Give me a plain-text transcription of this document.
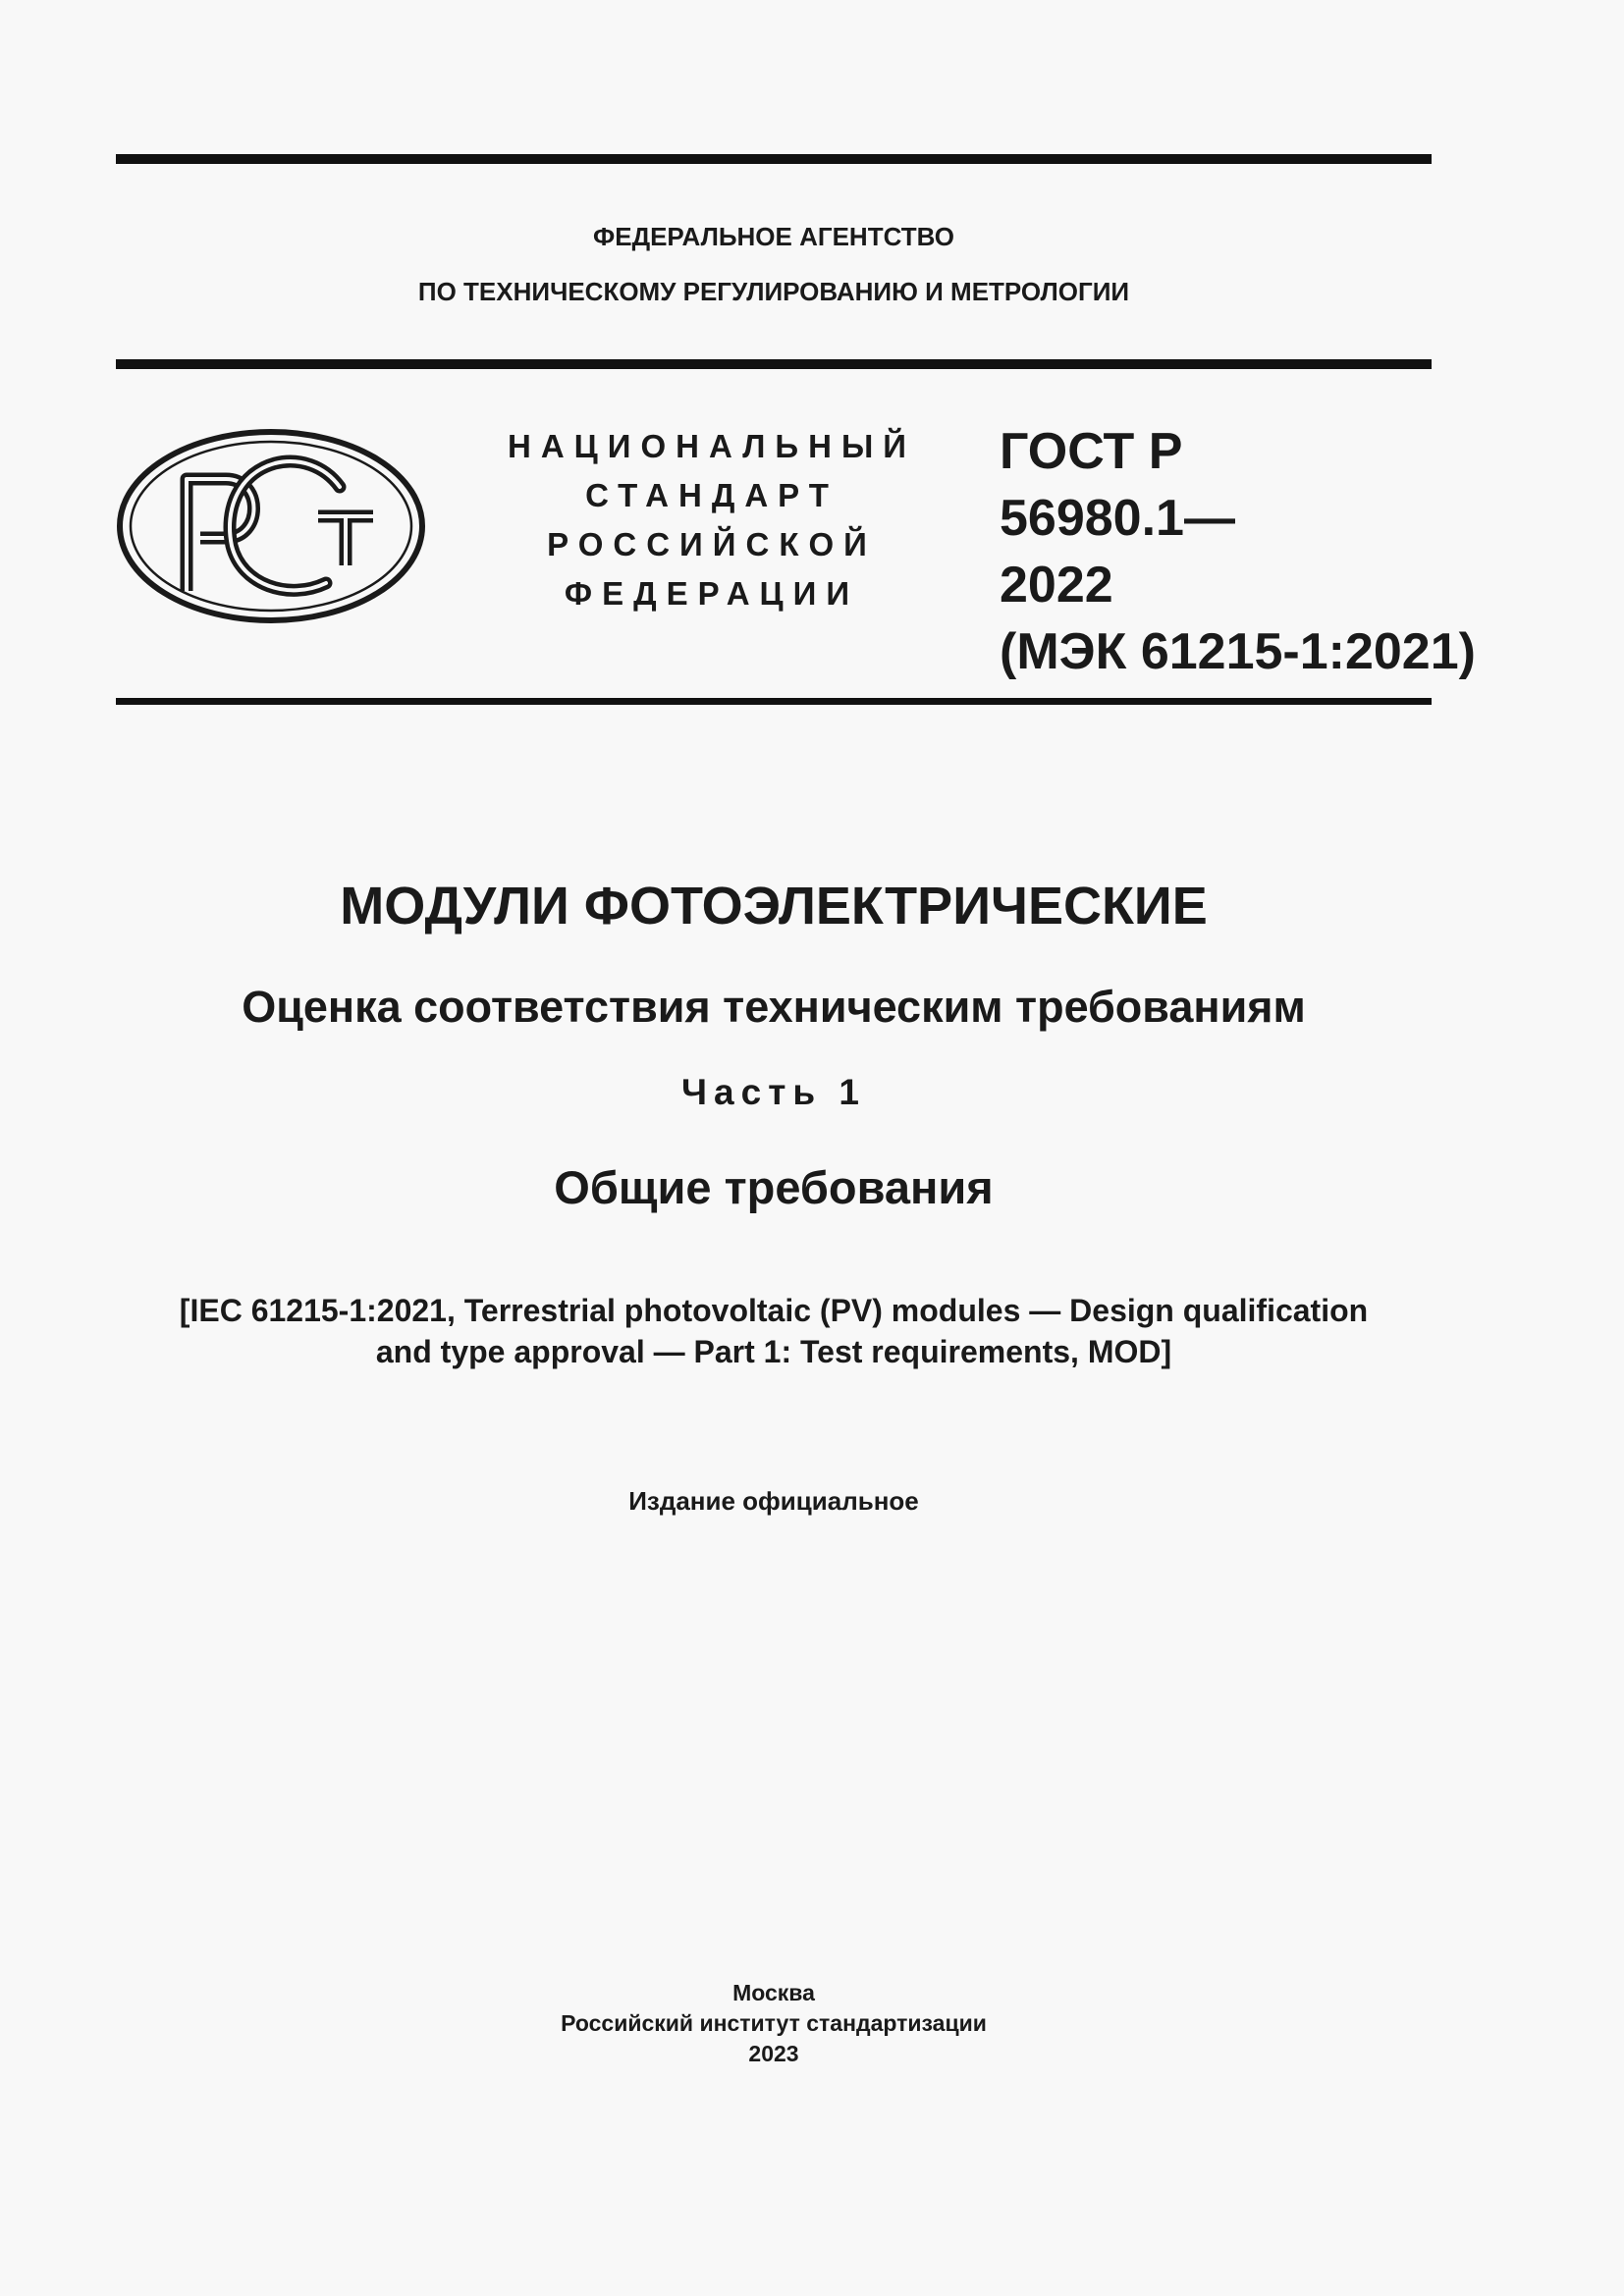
ФЕДЕРАЛЬНОЕ АГЕНТСТВО
ПО ТЕХНИЧЕСКОМУ РЕГУЛИРОВАНИЮ И МЕТРОЛОГИИ
НАЦИОНАЛЬНЫЙ
СТАНДАРТ
РОССИЙСКОЙ
ФЕДЕРАЦИИ
ГОСТ Р
56980.1—
2022
(МЭК 61215-1:2021)
МОДУЛИ ФОТОЭЛЕКТРИЧЕСКИЕ
Оценка соответствия техническим требованиям
Часть 1
Общие требования
[IEC 61215-1:2021, Terrestrial photovoltaic (PV) modules — Design qualification
and type approval — Part 1: Test requirements, MOD]
Издание официальное
Москва
Российский институт стандартизации
2023
